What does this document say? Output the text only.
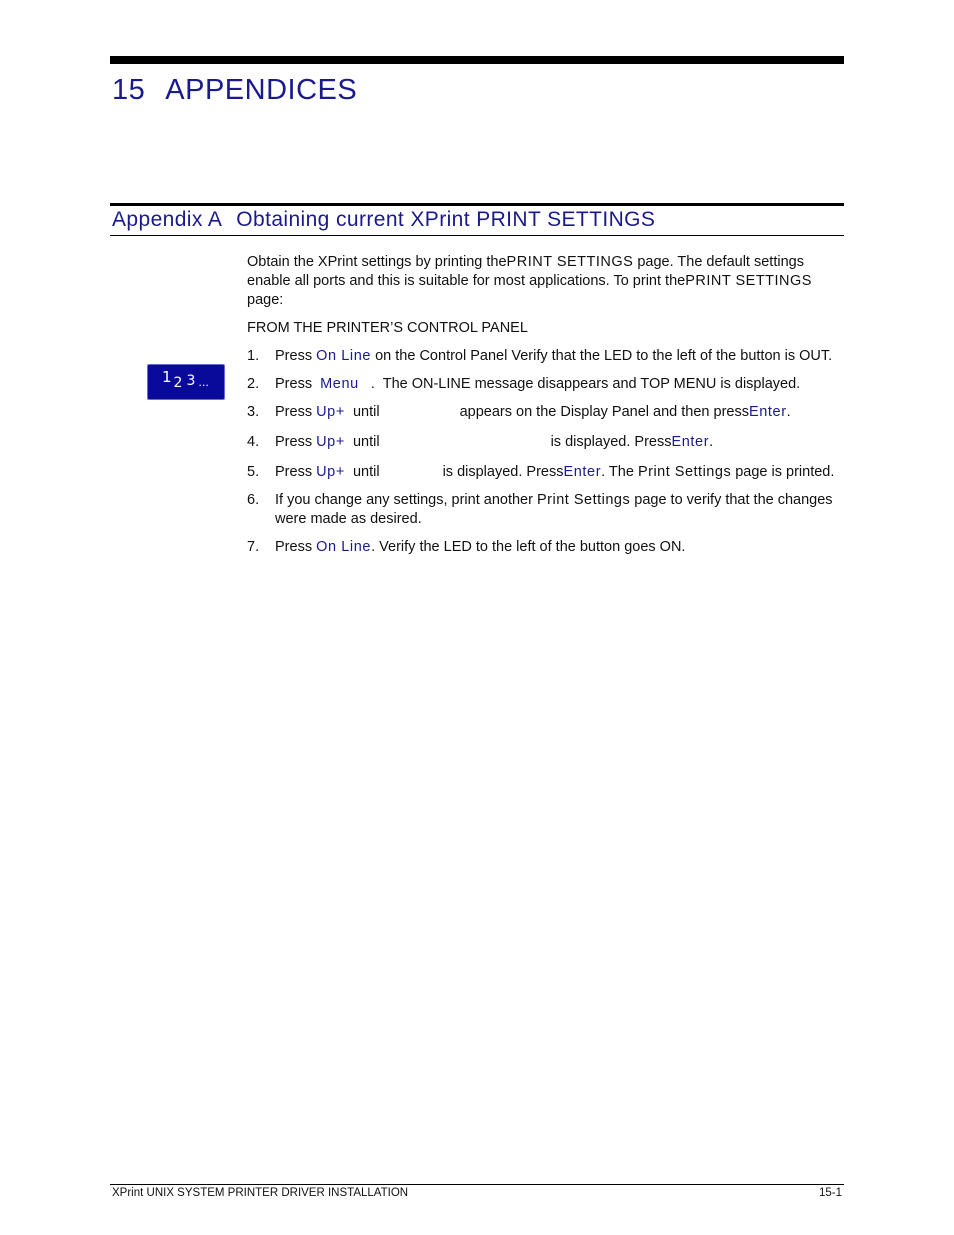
15 APPENDICES
Appendix A Obtaining current XPrint PRINT SETTINGS
1 2 3 ...

Obtain the XPrint settings by printing thePRINT SETTINGS page. The default settings enable all ports and this is suitable for most applications. To print thePRINT SETTINGS page:

FROM THE PRINTER’S CONTROL PANEL

1. Press On Line on the Control Panel Verify that the LED to the left of the button is OUT.
2. Press  Menu   .  The ON-LINE message disappears and TOP MENU is displayed.
3. Press Up+  until	appears on the Display Panel and then pressEnter.
4. Press Up+  until	is displayed. PressEnter.
5. Press Up+  until	is displayed. PressEnter. The Print Settings page is printed.
6. If you change any settings, print another Print Settings page to verify that the changes were made as desired.
7. Press On Line. Verify the LED to the left of the button goes ON.
XPrint UNIX SYSTEM PRINTER DRIVER INSTALLATION	15-1
